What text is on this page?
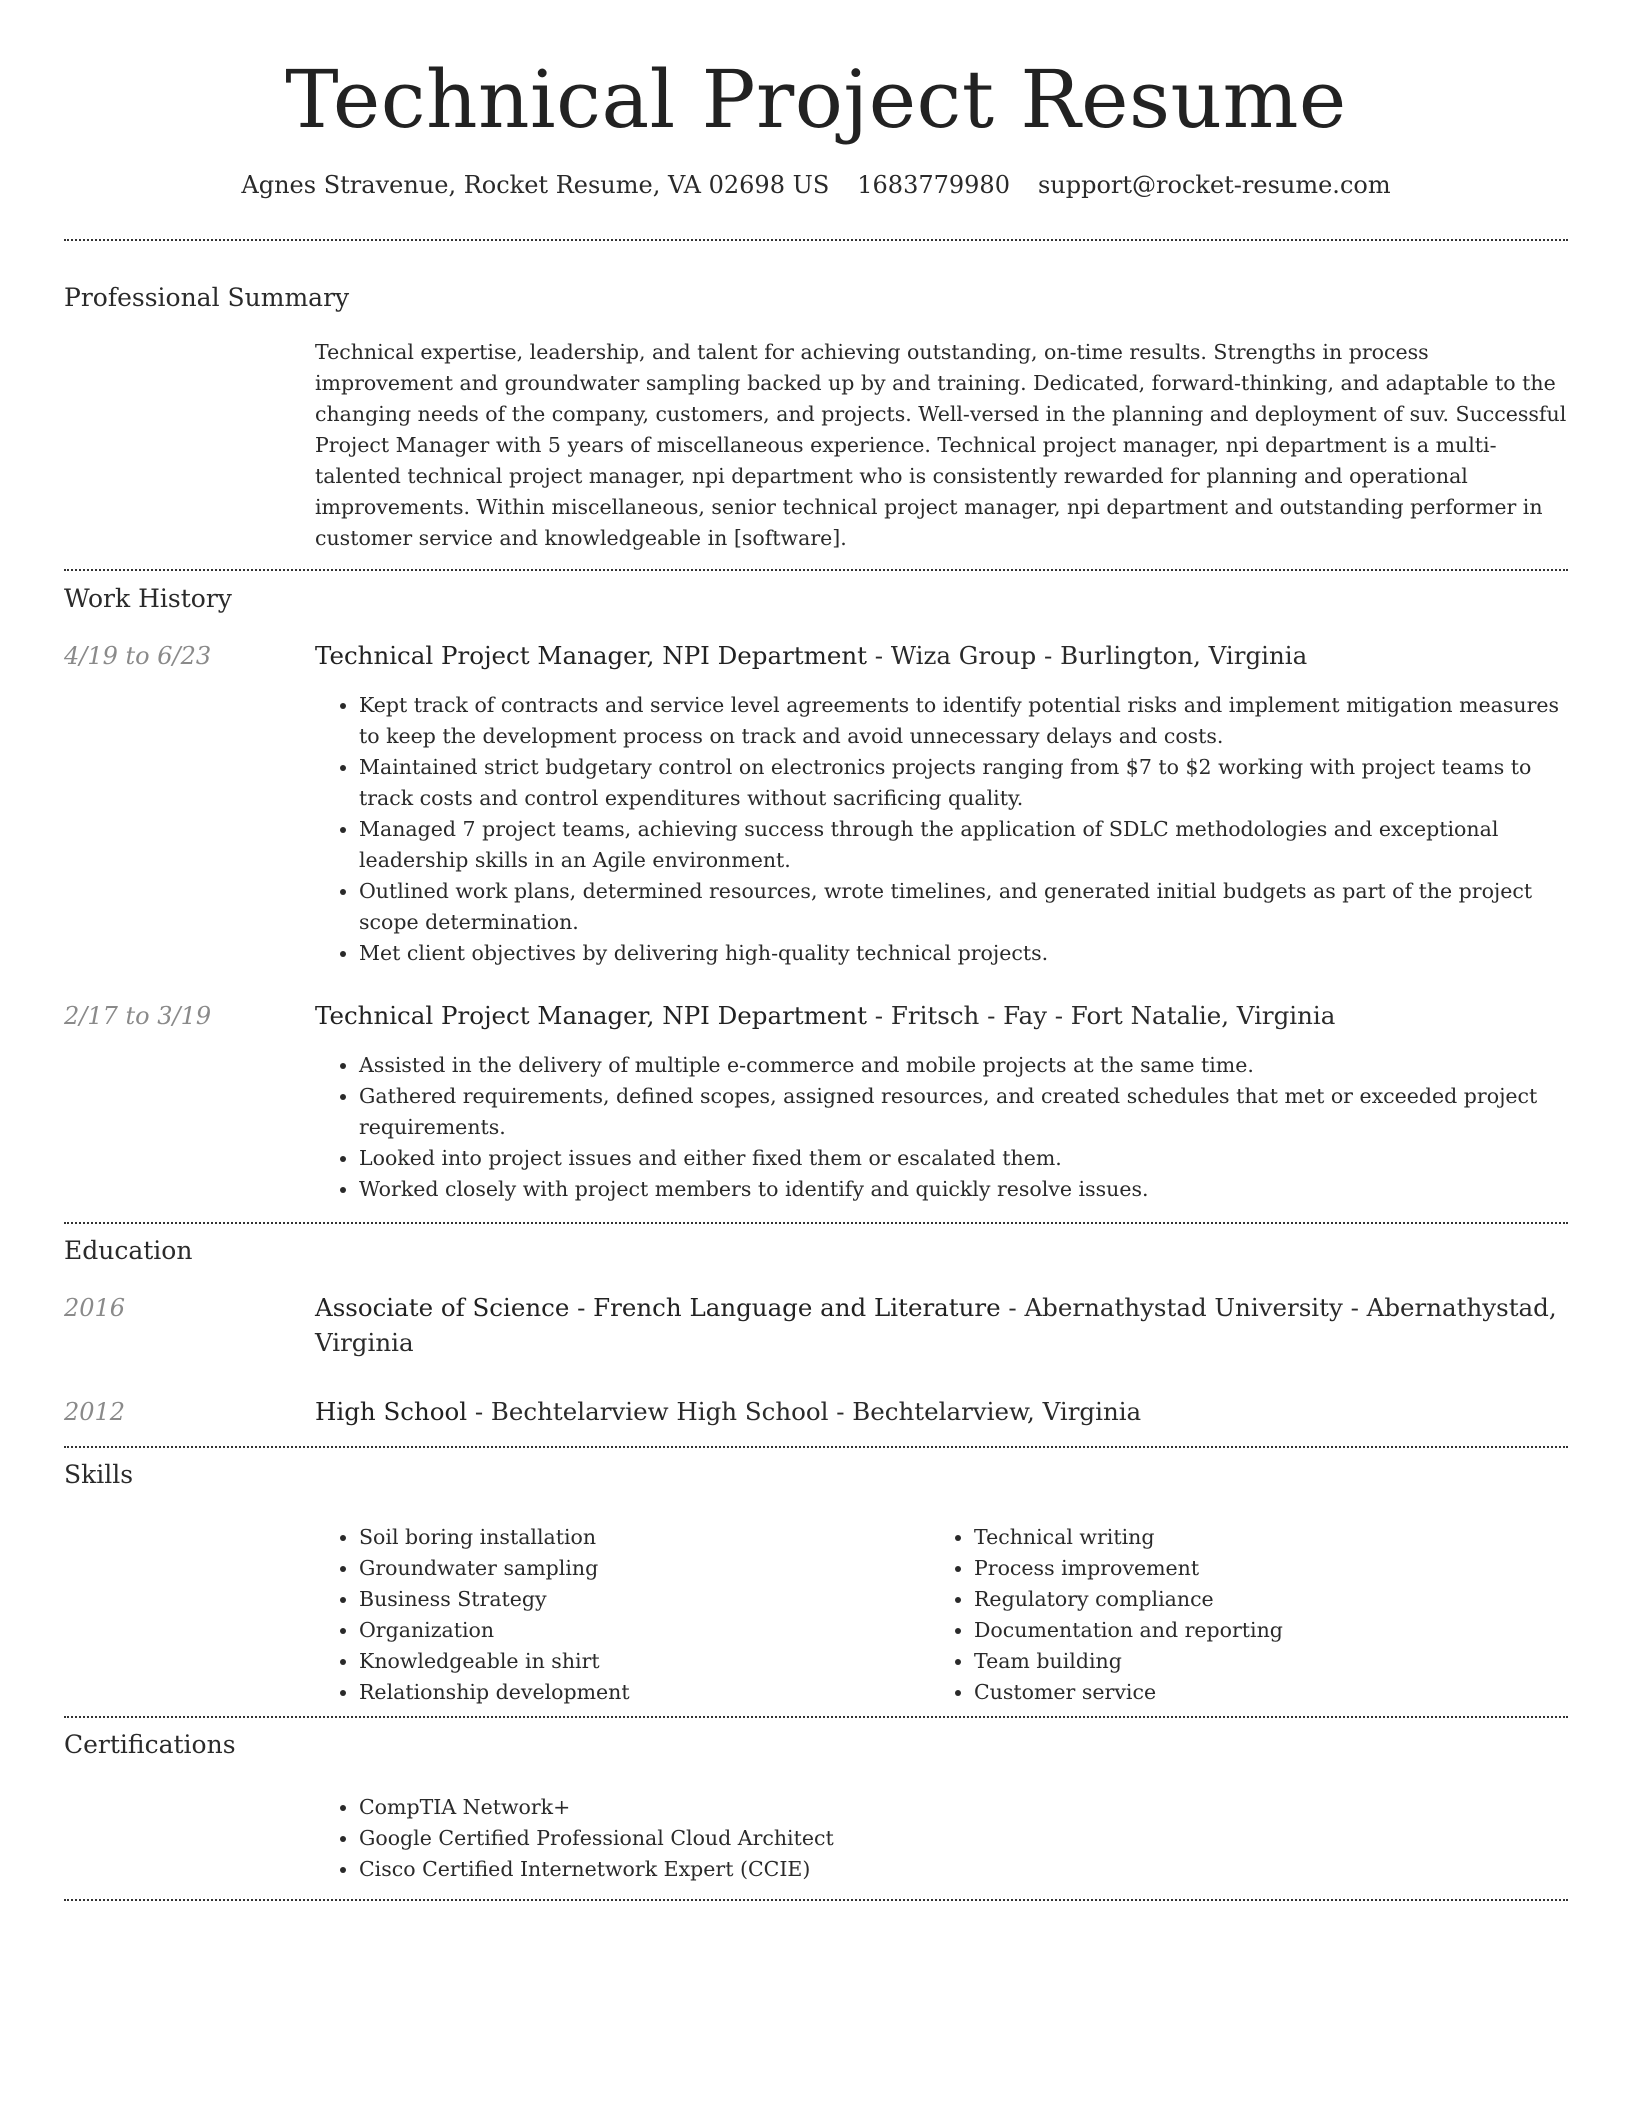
Technical Project Resume
Agnes Stravenue, Rocket Resume, VA 02698 US 1683779980 support@rocket-resume.com
Professional Summary
Technical expertise, leadership, and talent for achieving outstanding, on-time results. Strengths in process improvement and groundwater sampling backed up by and training. Dedicated, forward-thinking, and adaptable to the changing needs of the company, customers, and projects. Well-versed in the planning and deployment of suv. Successful Project Manager with 5 years of miscellaneous experience. Technical project manager, npi department is a multi-talented technical project manager, npi department who is consistently rewarded for planning and operational improvements. Within miscellaneous, senior technical project manager, npi department and outstanding performer in customer service and knowledgeable in [software].
Work History
4/19 to 6/23	Technical Project Manager, NPI Department - Wiza Group - Burlington, Virginia
• Kept track of contracts and service level agreements to identify potential risks and implement mitigation measures to keep the development process on track and avoid unnecessary delays and costs.
• Maintained strict budgetary control on electronics projects ranging from $7 to $2 working with project teams to track costs and control expenditures without sacrificing quality.
• Managed 7 project teams, achieving success through the application of SDLC methodologies and exceptional leadership skills in an Agile environment.
• Outlined work plans, determined resources, wrote timelines, and generated initial budgets as part of the project scope determination.
• Met client objectives by delivering high-quality technical projects.
2/17 to 3/19	Technical Project Manager, NPI Department - Fritsch - Fay - Fort Natalie, Virginia
• Assisted in the delivery of multiple e-commerce and mobile projects at the same time.
• Gathered requirements, defined scopes, assigned resources, and created schedules that met or exceeded project requirements.
• Looked into project issues and either fixed them or escalated them.
• Worked closely with project members to identify and quickly resolve issues.
Education
2016	Associate of Science - French Language and Literature - Abernathystad University - Abernathystad, Virginia
2012	High School - Bechtelarview High School - Bechtelarview, Virginia
Skills
• Soil boring installation
• Groundwater sampling
• Business Strategy
• Organization
• Knowledgeable in shirt
• Relationship development
• Technical writing
• Process improvement
• Regulatory compliance
• Documentation and reporting
• Team building
• Customer service
Certifications
• CompTIA Network+
• Google Certified Professional Cloud Architect
• Cisco Certified Internetwork Expert (CCIE)
